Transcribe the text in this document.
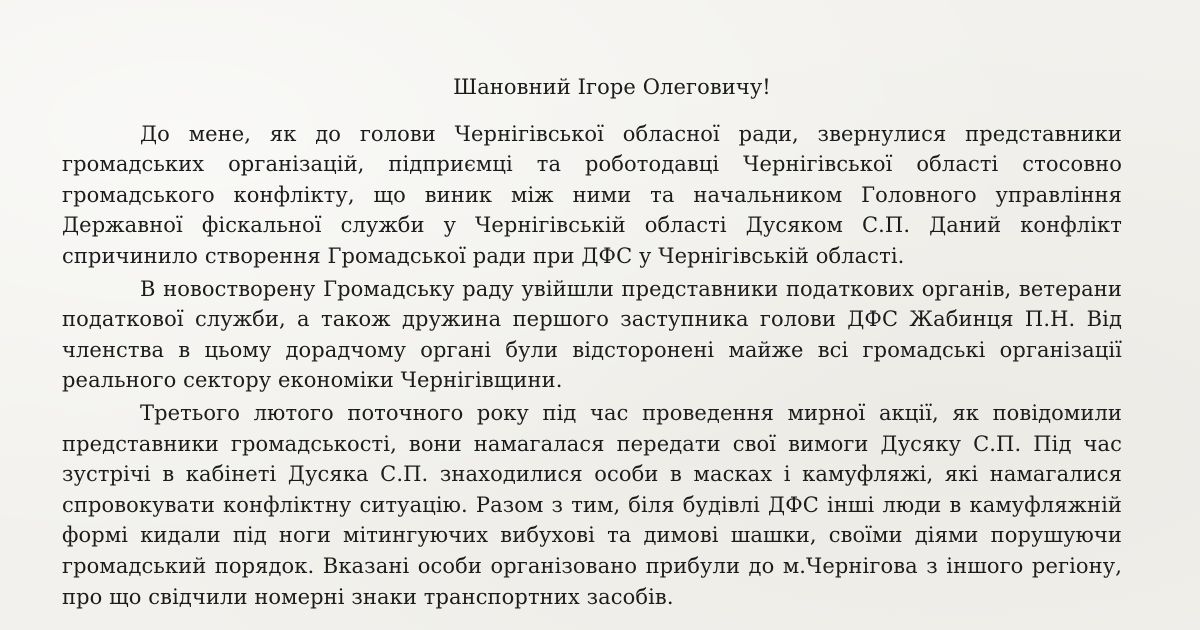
Шановний Ігоре Олеговичу!

До мене, як до голови Чернігівської обласної ради, звернулися представники громадських організацій, підприємці та роботодавці Чернігівської області стосовно громадського конфлікту, що виник між ними та начальником Головного управління Державної фіскальної служби у Чернігівській області Дусяком С.П. Даний конфлікт спричинило створення Громадської ради при ДФС у Чернігівській області.

В новостворену Громадську раду увійшли представники податкових органів, ветерани податкової служби, а також дружина першого заступника голови ДФС Жабинця П.Н. Від членства в цьому дорадчому органі були відсторонені майже всі громадські організації реального сектору економіки Чернігівщини.

Третього лютого поточного року під час проведення мирної акції, як повідомили представники громадськості, вони намагалася передати свої вимоги Дусяку С.П. Під час зустрічі в кабінеті Дусяка С.П. знаходилися особи в масках і камуфляжі, які намагалися спровокувати конфліктну ситуацію. Разом з тим, біля будівлі ДФС інші люди в камуфляжній формі кидали під ноги мітингуючих вибухові та димові шашки, своїми діями порушуючи громадський порядок. Вказані особи організовано прибули до м.Чернігова з іншого регіону, про що свідчили номерні знаки транспортних засобів.
